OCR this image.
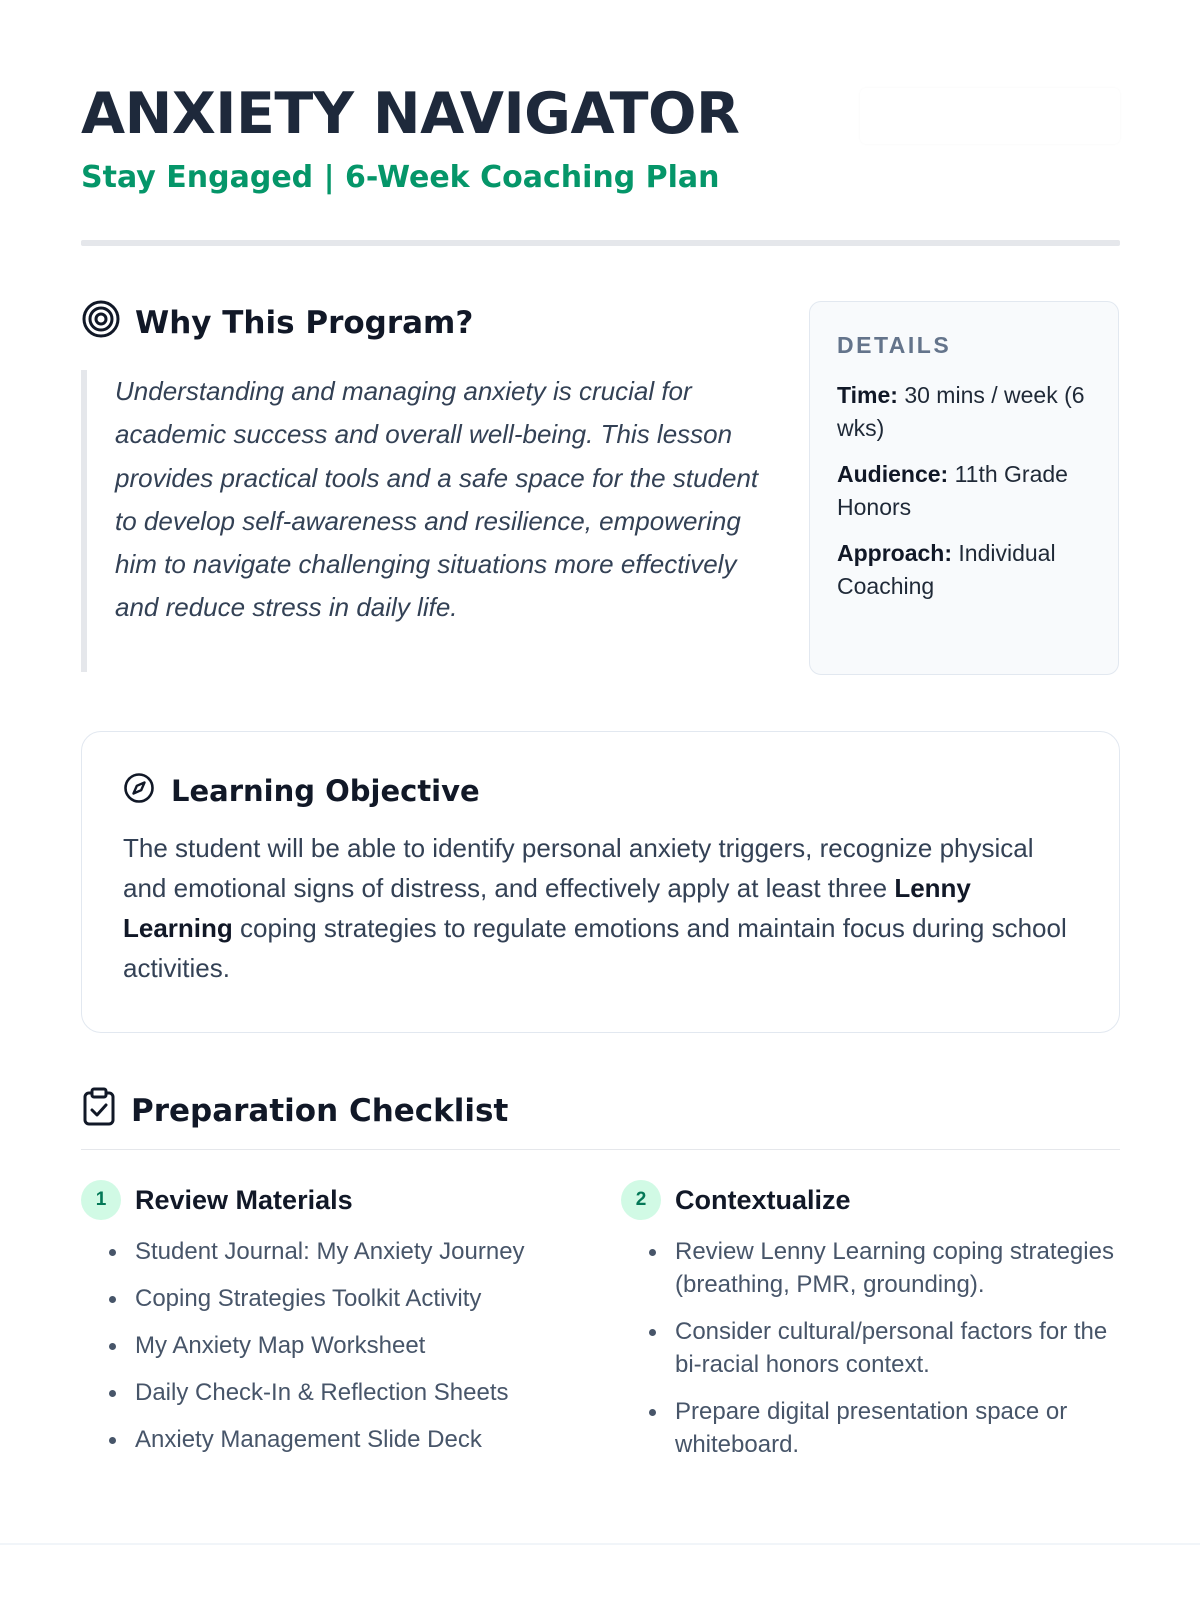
ANXIETY NAVIGATOR
Stay Engaged | 6-Week Coaching Plan
Why This Program?
Understanding and managing anxiety is crucial for academic success and overall well-being. This lesson provides practical tools and a safe space for the student to develop self-awareness and resilience, empowering him to navigate challenging situations more effectively and reduce stress in daily life.
DETAILS
Time: 30 mins / week (6 wks)
Audience: 11th Grade Honors
Approach: Individual Coaching
Learning Objective
The student will be able to identify personal anxiety triggers, recognize physical and emotional signs of distress, and effectively apply at least three Lenny Learning coping strategies to regulate emotions and maintain focus during school activities.
Preparation Checklist
1	Review Materials
Student Journal: My Anxiety Journey
Coping Strategies Toolkit Activity
My Anxiety Map Worksheet
Daily Check-In & Reflection Sheets
Anxiety Management Slide Deck
2	Contextualize
Review Lenny Learning coping strategies (breathing, PMR, grounding).
Consider cultural/personal factors for the bi-racial honors context.
Prepare digital presentation space or whiteboard.
